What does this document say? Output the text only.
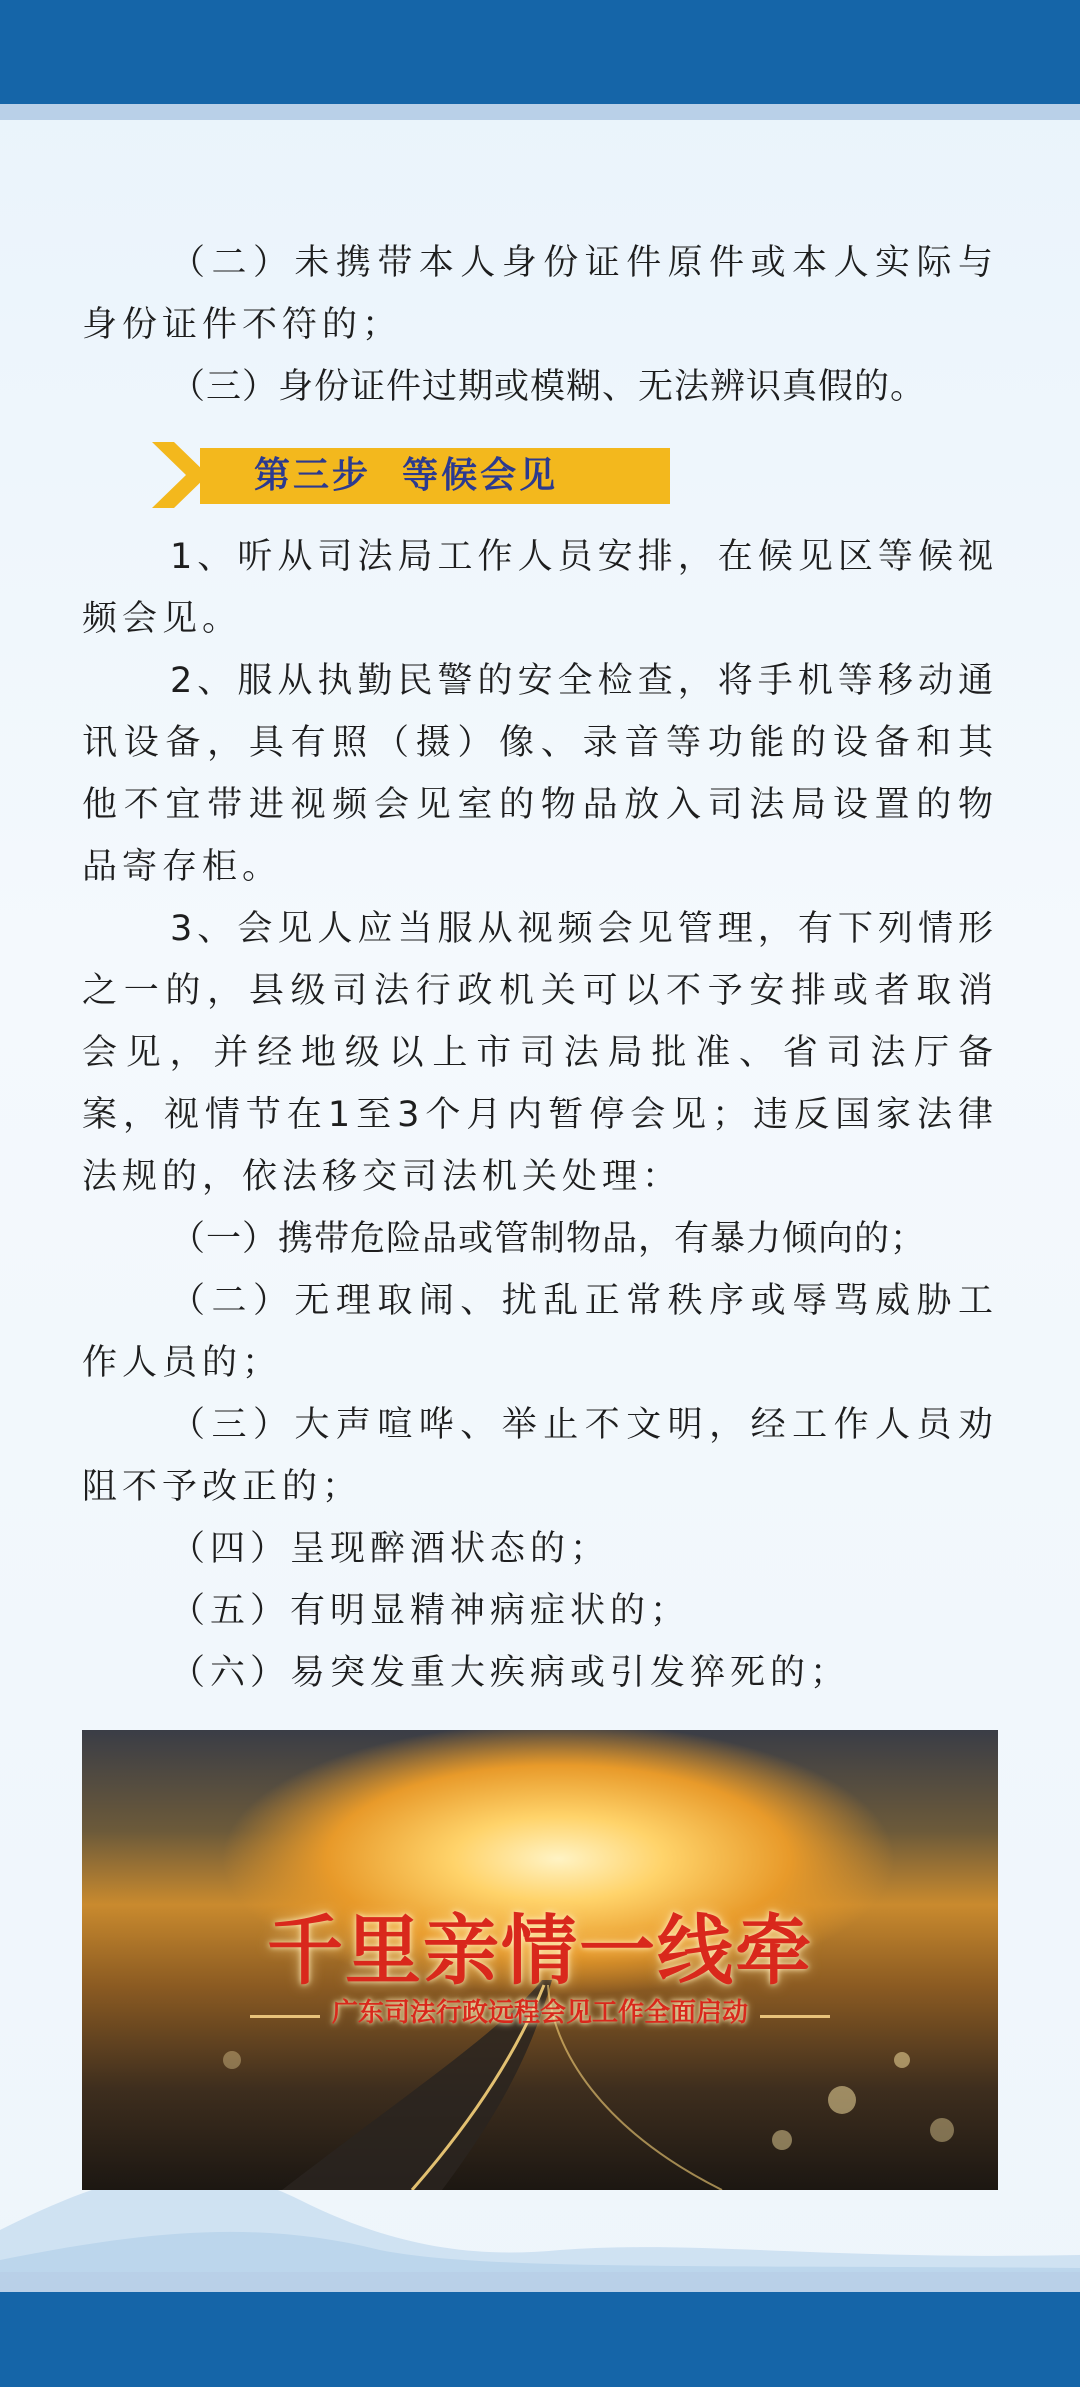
（二）未携带本人身份证件原件或本人实际与身份证件不符的；

（三）身份证件过期或模糊、无法辨识真假的。

第三步  等候会见

1、听从司法局工作人员安排，在候见区等候视频会见。

2、服从执勤民警的安全检查，将手机等移动通讯设备，具有照（摄）像、录音等功能的设备和其他不宜带进视频会见室的物品放入司法局设置的物品寄存柜。

3、会见人应当服从视频会见管理，有下列情形之一的，县级司法行政机关可以不予安排或者取消会见，并经地级以上市司法局批准、省司法厅备案，视情节在1至3个月内暂停会见；违反国家法律法规的，依法移交司法机关处理：

（一）携带危险品或管制物品，有暴力倾向的；

（二）无理取闹、扰乱正常秩序或辱骂威胁工作人员的；

（三）大声喧哗、举止不文明，经工作人员劝阻不予改正的；

（四）呈现醉酒状态的；

（五）有明显精神病症状的；

（六）易突发重大疾病或引发猝死的；

千里亲情一线牵
广东司法行政远程会见工作全面启动
